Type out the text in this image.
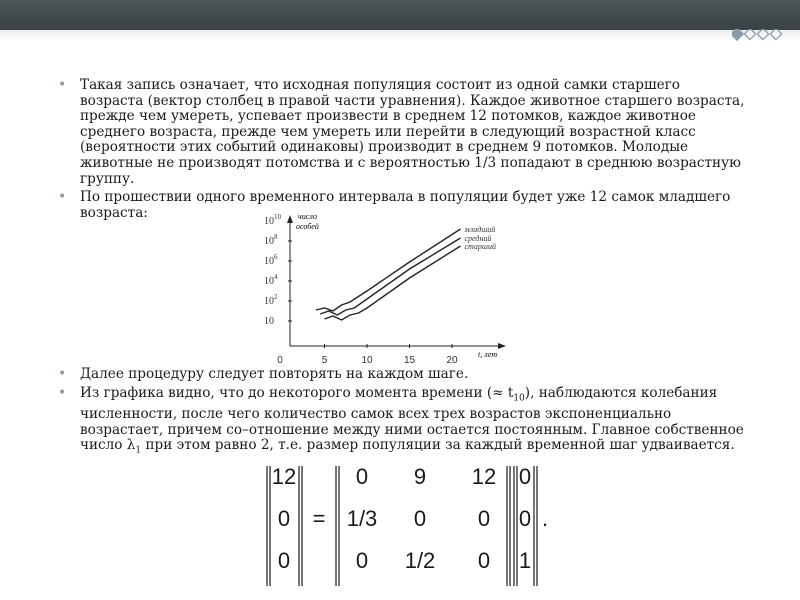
• Такая запись означает, что исходная популяция состоит из одной самки старшего возраста (вектор столбец в правой части уравнения). Каждое животное старшего возраста, прежде чем умереть, успевает произвести в среднем 12 потомков, каждое животное среднего возраста, прежде чем умереть или перейти в следующий возрастной класс (вероятности этих событий одинаковы) производит в среднем 9 потомков. Молодые животные не производят потомства и с вероятностью 1/3 попадают в среднюю возрастную группу.
• По прошествии одного временного интервала в популяции будет уже 12 самок младшего возраста:
• Далее процедуру следует повторять на каждом шаге.
• Из графика видно, что до некоторого момента времени (≈ $t_{10}$), наблюдаются колебания численности, после чего количество самок всех трех возрастов экспоненциально возрастает, причем со–отношение между ними остается постоянным. Главное собственное число $\lambda_1$ при этом равно 2, т.е. размер популяции за каждый временной шаг удваивается.
число
особей
t, лет
0	5	10	15	20
$10^{10}$
$10^8$
$10^6$
$10^4$
$10^2$
10
младший
средний
старший
12
0
0
=
0 9 12
1/3 0 0
0 1/2 0
0
0
1
.
